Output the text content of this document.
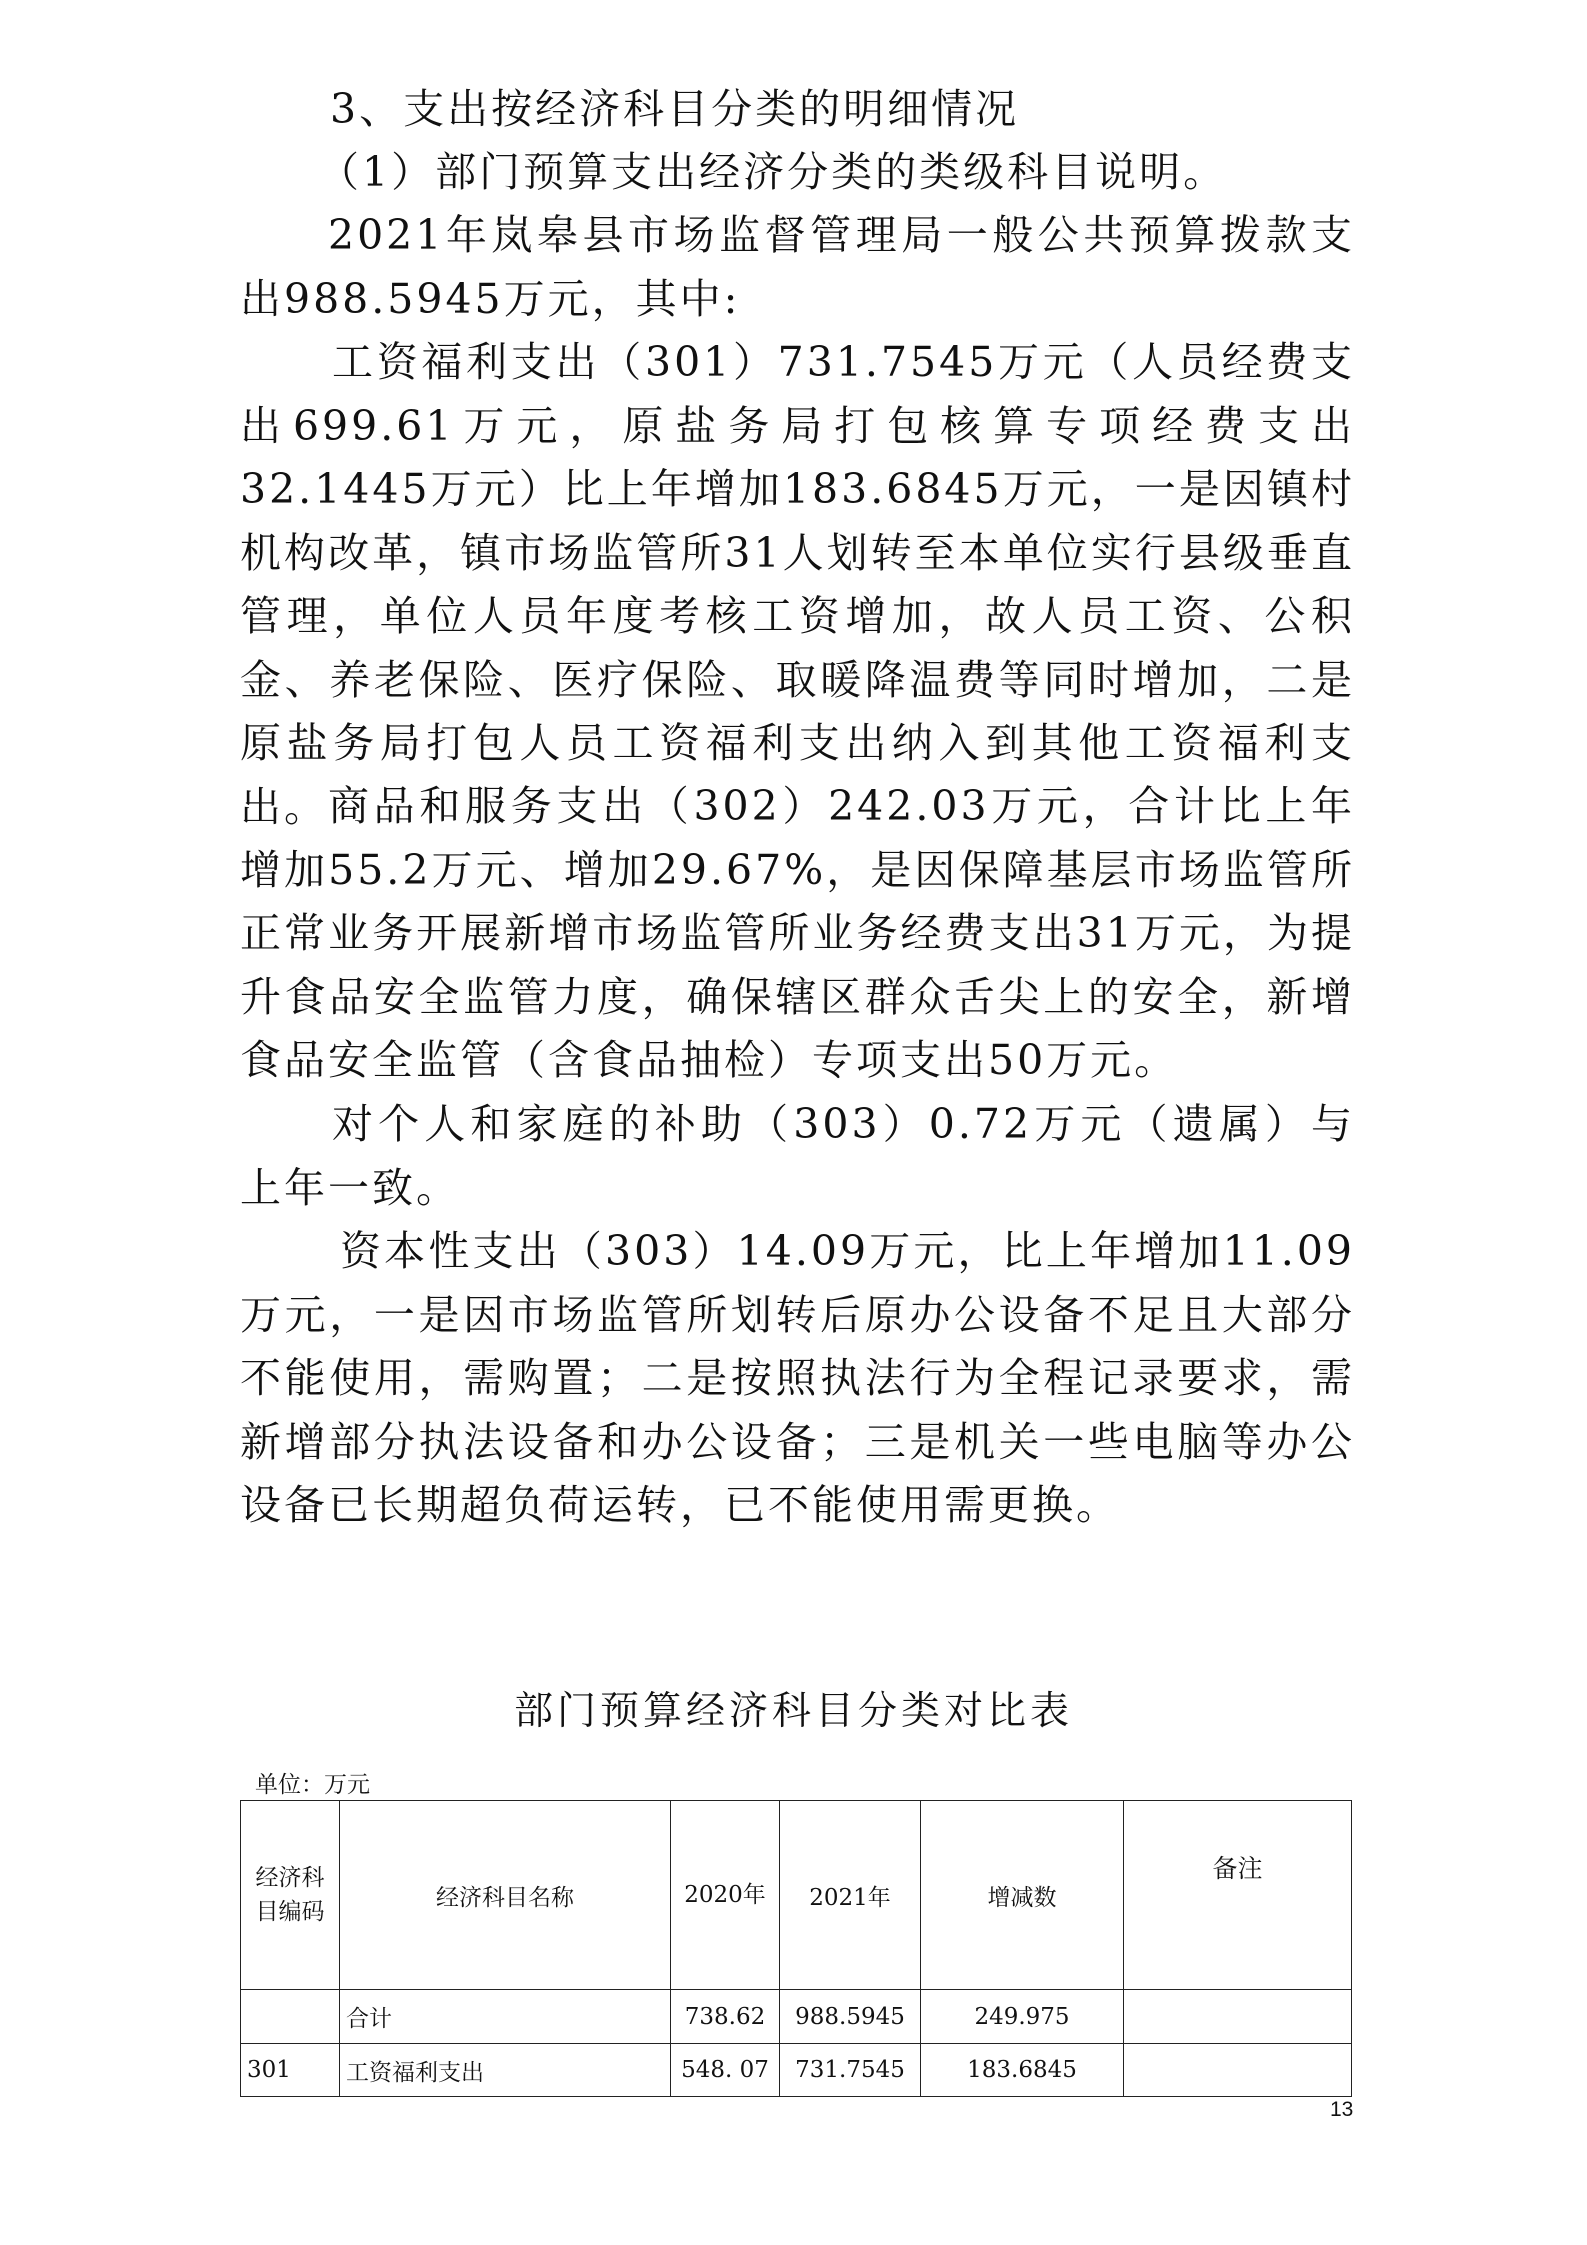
3、支出按经济科目分类的明细情况

（1）部门预算支出经济分类的类级科目说明。

2021年岚皋县市场监督管理局一般公共预算拨款支出988.5945万元，其中:

工资福利支出（301）731.7545万元（人员经费支出699.61万元，原盐务局打包核算专项经费支出32.1445万元）比上年增加183.6845万元，一是因镇村机构改革，镇市场监管所31人划转至本单位实行县级垂直管理，单位人员年度考核工资增加，故人员工资、公积金、养老保险、医疗保险、取暖降温费等同时增加，二是原盐务局打包人员工资福利支出纳入到其他工资福利支出。 商品和服务支出（302）242.03万元，合计比上年增加55.2万元、增加29.67%，是因保障基层市场监管所正常业务开展新增市场监管所业务经费支出31万元，为提升食品安全监管力度，确保辖区群众舌尖上的安全，新增食品安全监管（含食品抽检）专项支出50万元。

对个人和家庭的补助（303）0.72万元（遗属）与上年一致。

资本性支出（303）14.09万元，比上年增加11.09万元，一是因市场监管所划转后原办公设备不足且大部分不能使用，需购置；二是按照执法行为全程记录要求，需新增部分执法设备和办公设备；三是机关一些电脑等办公设备已长期超负荷运转，已不能使用需更换。

部门预算经济科目分类对比表

单位：万元

经济科目编码	经济科目名称	2020年	2021年	增减数	备注
	合计	738.62	988.5945	249.975	
301	工资福利支出	548. 07	731.7545	183.6845	

13
